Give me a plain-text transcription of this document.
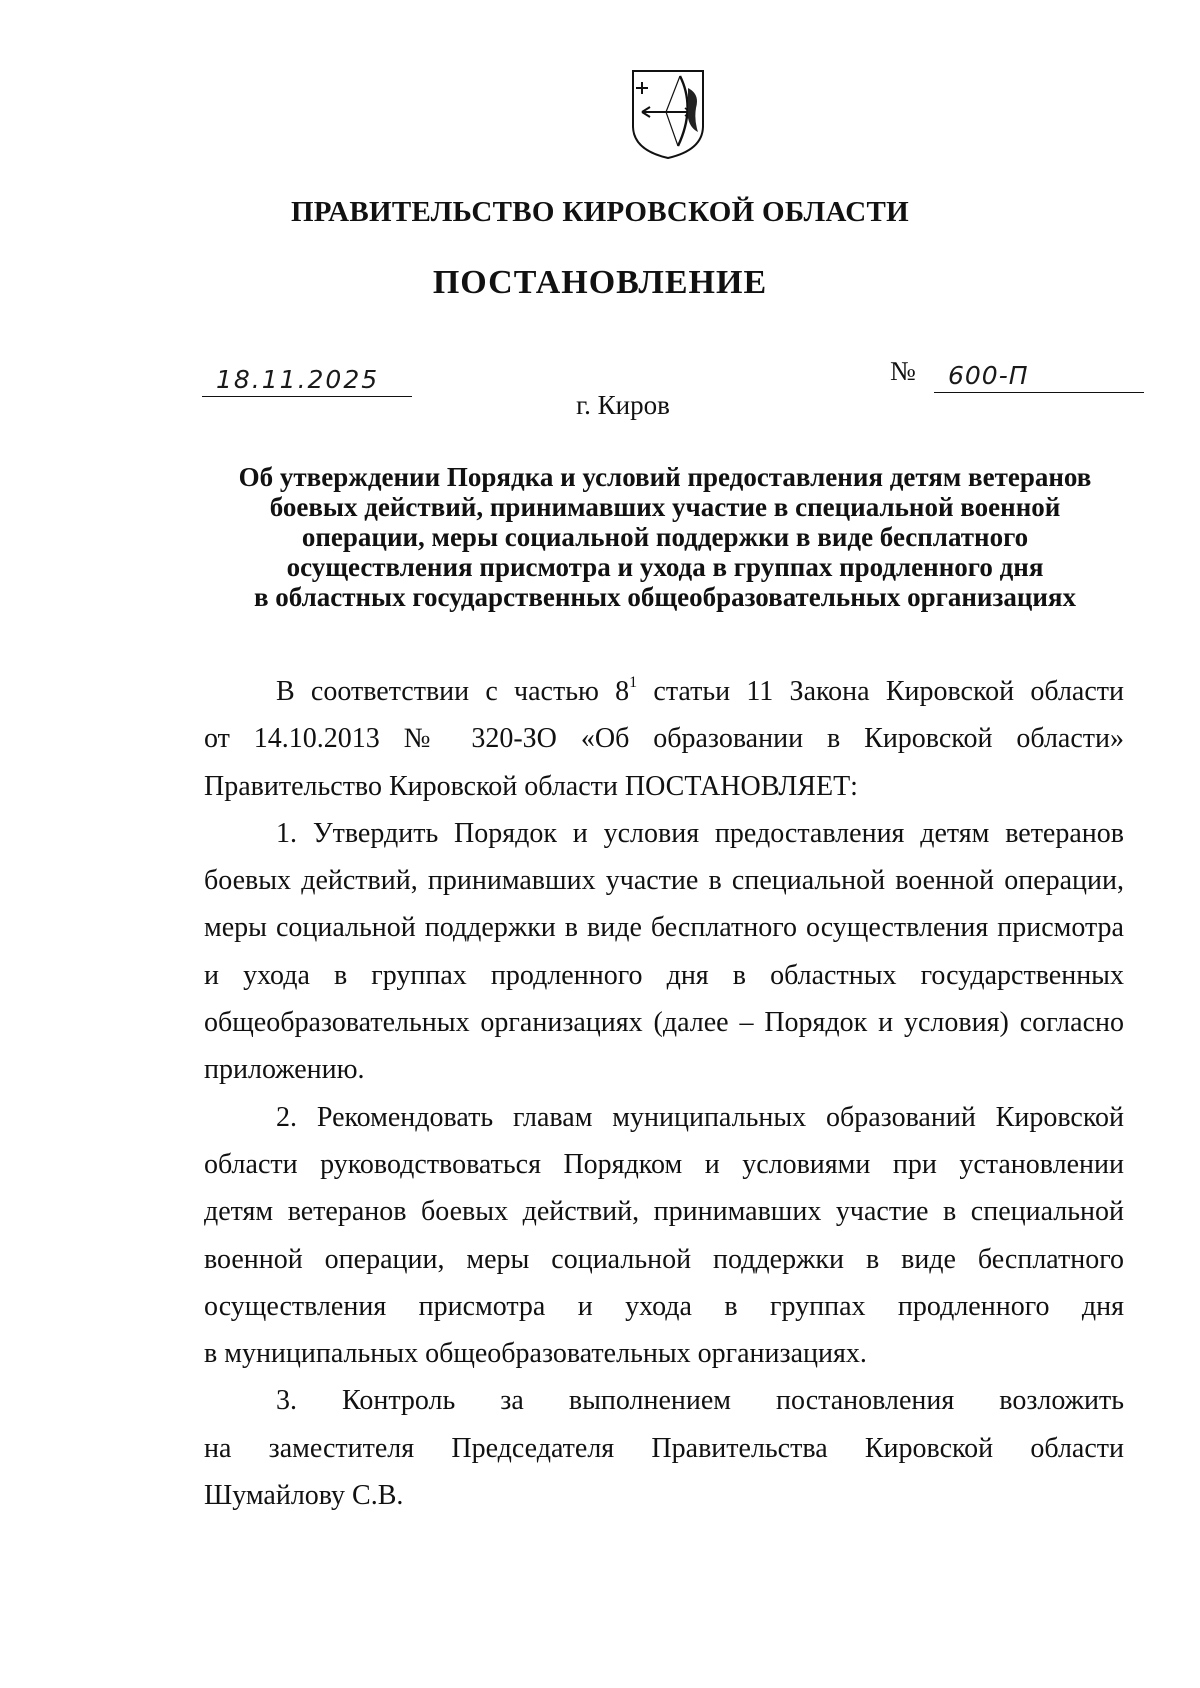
ПРАВИТЕЛЬСТВО КИРОВСКОЙ ОБЛАСТИ
ПОСТАНОВЛЕНИЕ
18.11.2025	№ 600-П
г. Киров
Об утверждении Порядка и условий предоставления детям ветеранов
боевых действий, принимавших участие в специальной военной
операции, меры социальной поддержки в виде бесплатного
осуществления присмотра и ухода в группах продленного дня
в областных государственных общеобразовательных организациях

В соответствии с частью $8^1$ статьи 11 Закона Кировской области
от 14.10.2013 № 320-ЗО «Об образовании в Кировской области»
Правительство Кировской области ПОСТАНОВЛЯЕТ:

1. Утвердить Порядок и условия предоставления детям ветеранов
боевых действий, принимавших участие в специальной военной операции,
меры социальной поддержки в виде бесплатного осуществления присмотра
и ухода в группах продленного дня в областных государственных
общеобразовательных организациях (далее – Порядок и условия) согласно
приложению.

2. Рекомендовать главам муниципальных образований Кировской
области руководствоваться Порядком и условиями при установлении
детям ветеранов боевых действий, принимавших участие в специальной
военной операции, меры социальной поддержки в виде бесплатного
осуществления присмотра и ухода в группах продленного дня
в муниципальных общеобразовательных организациях.

3. Контроль за выполнением постановления возложить
на заместителя Председателя Правительства Кировской области
Шумайлову С.В.
